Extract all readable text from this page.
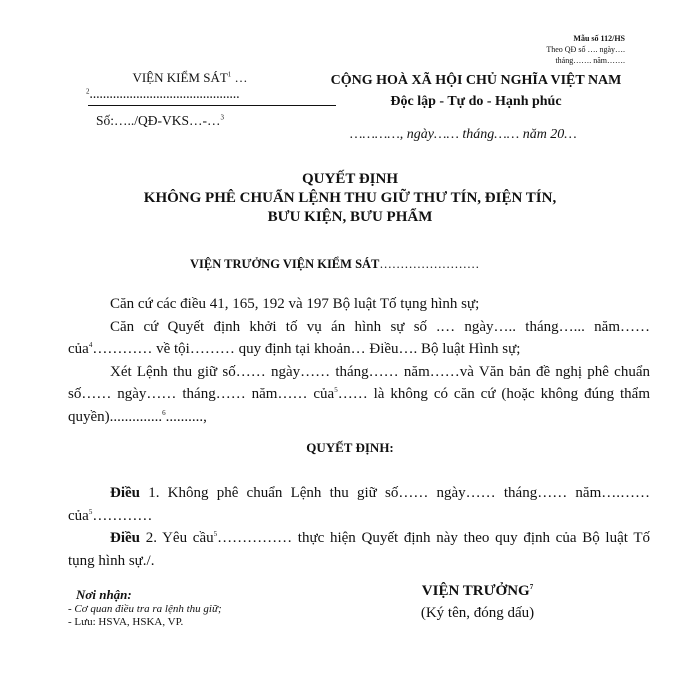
Mẫu số 112/HS
Theo QĐ số …. ngày….
tháng……. năm…….
VIỆN KIỂM SÁT$^1$ …
$^2$………………………………………
Số:…../QĐ-VKS…-…$^3$
CỘNG HOÀ XÃ HỘI CHỦ NGHĨA VIỆT NAM
Độc lập - Tự do - Hạnh phúc
…………, ngày…… tháng…… năm 20…
QUYẾT ĐỊNH
KHÔNG PHÊ CHUẨN LỆNH THU GIỮ THƯ TÍN, ĐIỆN TÍN,
BƯU KIỆN, BƯU PHẨM
VIỆN TRƯỞNG VIỆN KIỂM SÁT……………………

Căn cứ các điều 41, 165, 192 và 197 Bộ luật Tố tụng hình sự;

Căn cứ Quyết định khởi tố vụ án hình sự số .… ngày….. tháng…... năm…… của$^4$………… về tội……… quy định tại khoản… Điều…. Bộ luật Hình sự;

Xét Lệnh thu giữ số…… ngày…… tháng…… năm……và Văn bản đề nghị phê chuẩn số…… ngày…… tháng…… năm…… của$^5$…… là không có căn cứ (hoặc không đúng thẩm quyền)..............$^6$..........,

QUYẾT ĐỊNH:

Điều 1. Không phê chuẩn Lệnh thu giữ số…… ngày…… tháng…… năm….…… của$^5$…………

Điều 2. Yêu cầu$^5$…………… thực hiện Quyết định này theo quy định của Bộ luật Tố tụng hình sự./.

Nơi nhận:
- Cơ quan điều tra ra lệnh thu giữ;
- Lưu: HSVA, HSKA, VP.
VIỆN TRƯỞNG$^7$
(Ký tên, đóng dấu)
